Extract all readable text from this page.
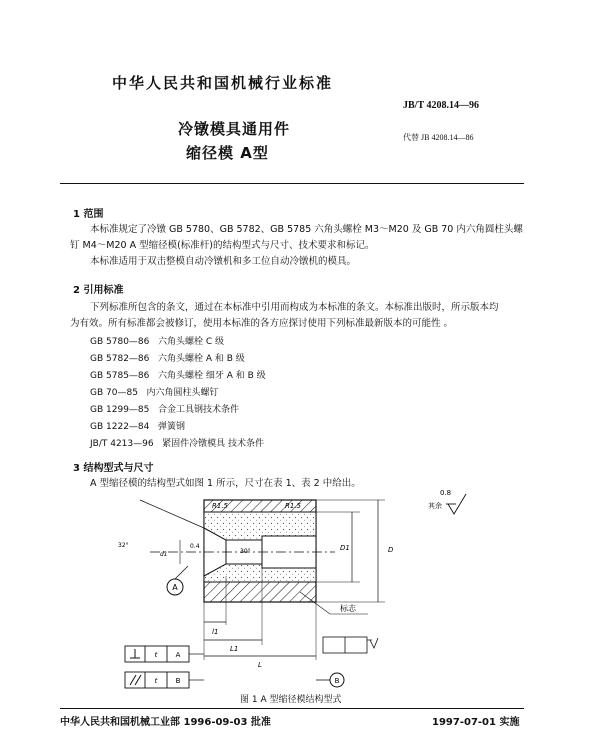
中华人民共和国机械行业标准
JB/T 4208.14—96
冷镦模具通用件
缩径模 A型
代替 JB 4208.14—86
1 范围
本标准规定了冷镦 GB 5780、GB 5782、GB 5785 六角头螺栓 M3～M20 及 GB 70 内六角圆柱头螺
钉 M4～M20 A 型缩径模(标准杆)的结构型式与尺寸、技术要求和标记。
本标准适用于双击整模自动冷镦机和多工位自动冷镦机的模具。
2 引用标准
下列标准所包含的条文，通过在本标准中引用而构成为本标准的条文。本标准出版时，所示版本均
为有效。所有标准都会被修订，使用本标准的各方应探讨使用下列标准最新版本的可能性 。
GB 5780—86 六角头螺栓 C 级
GB 5782—86 六角头螺栓 A 和 B 级
GB 5785—86 六角头螺栓 细牙 A 和 B 级
GB 70—85 内六角圆柱头螺钉
GB 1299—85 合金工具钢技术条件
GB 1222—84 弹簧钢
JB/T 4213—96 紧固件冷镦模具 技术条件
3 结构型式与尺寸
A 型缩径模的结构型式如图 1 所示，尺寸在表 1、表 2 中给出。
A
R1.5	R1.5
0.4
32°
30°
d1
D1	D
l1
L1
L
标志
0.8
其余
B
t	A
t	B
图 1 A 型缩径模结构型式
中华人民共和国机械工业部 1996-09-03 批准	1997-07-01 实施
